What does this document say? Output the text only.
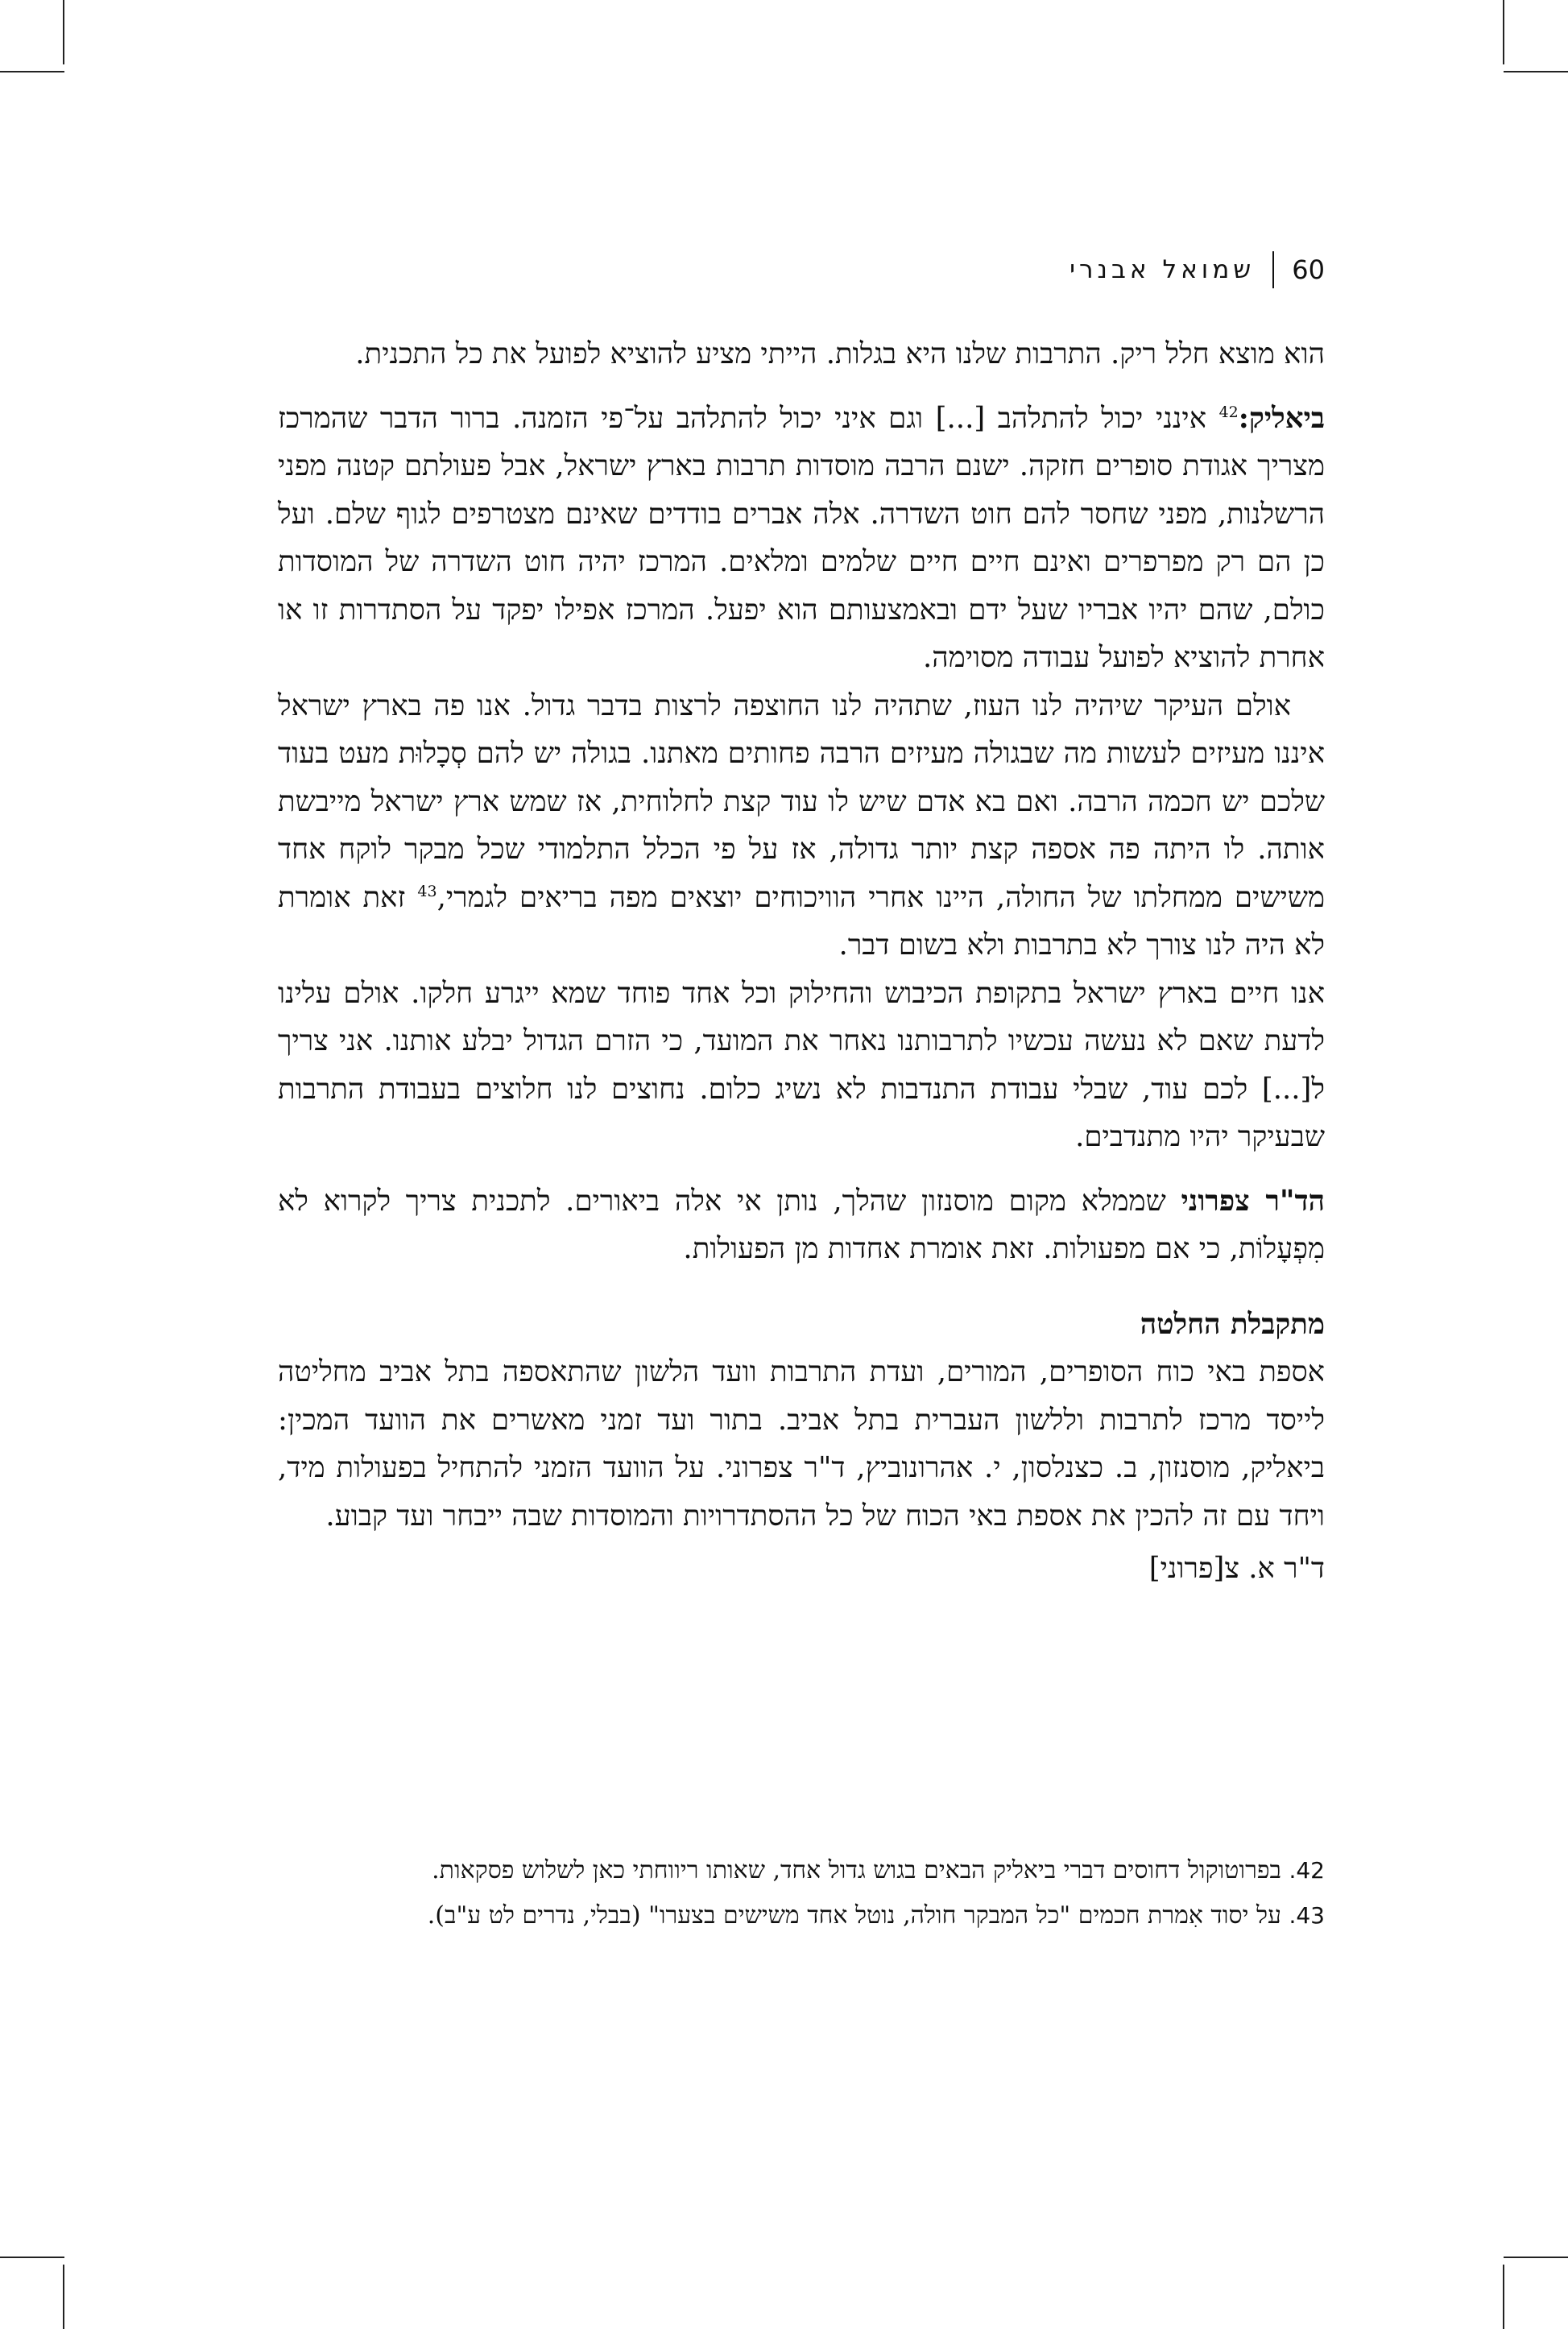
60
שמואל אבנרי

הוא מוצא חלל ריק. התרבות שלנו היא בגלות. הייתי מציע להוציא לפועל את כל התכנית.

ביאליק:$^{42}$ אינני יכול להתלהב [...] וגם איני יכול להתלהב על־פי הזמנה. ברור הדבר שהמרכז מצריך אגודת סופרים חזקה. ישנם הרבה מוסדות תרבות בארץ ישראל, אבל פעולתם קטנה מפני הרשלנות, מפני שחסר להם חוט השדרה. אלה אברים בודדים שאינם מצטרפים לגוף שלם. ועל כן הם רק מפרפרים ואינם חיים חיים שלמים ומלאים. המרכז יהיה חוט השדרה של המוסדות כולם, שהם יהיו אבריו שעל ידם ובאמצעותם הוא יפעל. המרכז אפילו יפקד על הסתדרות זו או אחרת להוציא לפועל עבודה מסוימה.

אולם העיקר שיהיה לנו העוז, שתהיה לנו החוצפה לרצות בדבר גדול. אנו פה בארץ ישראל איננו מעיזים לעשות מה שבגולה מעיזים הרבה פחותים מאתנו. בגולה יש להם סְכָלוּת מעט בעוד שלכם יש חכמה הרבה. ואם בא אדם שיש לו עוד קצת לחלוחית, אז שמש ארץ ישראל מייבשת אותה. לו היתה פה אספה קצת יותר גדולה, אז על פי הכלל התלמודי שכל מבקר לוקח אחד משישים ממחלתו של החולה, היינו אחרי הוויכוחים יוצאים מפה בריאים לגמרי,$^{43}$ זאת אומרת לא היה לנו צורך לא בתרבות ולא בשום דבר.

אנו חיים בארץ ישראל בתקופת הכיבוש והחילוק וכל אחד פוחד שמא ייגרע חלקו. אולם עלינו לדעת שאם לא נעשה עכשיו לתרבותנו נאחר את המועד, כי הזרם הגדול יבלע אותנו. אני צריך ל[...] לכם עוד, שבלי עבודת התנדבות לא נשיג כלום. נחוצים לנו חלוצים בעבודת התרבות שבעיקר יהיו מתנדבים.

הד"ר צפרוני שממלא מקום מוסנזון שהלך, נותן אי אלה ביאורים. לתכנית צריך לקרוא לא מִפְעָלוֹת, כי אם מפעולות. זאת אומרת אחדות מן הפעולות.

מתקבלת החלטה

אספת באי כוח הסופרים, המורים, ועדת התרבות וועד הלשון שהתאספה בתל אביב מחליטה לייסד מרכז לתרבות וללשון העברית בתל אביב. בתור ועד זמני מאשרים את הוועד המכין: ביאליק, מוסנזון, ב. כצנלסון, י. אהרונוביץ, ד"ר צפרוני. על הוועד הזמני להתחיל בפעולות מיד, ויחד עם זה להכין את אספת באי הכוח של כל ההסתדרויות והמוסדות שבה ייבחר ועד קבוע.

ד"ר א. צ[פרוני]

42.
בפרוטוקול דחוסים דברי ביאליק הבאים בגוש גדול אחד, שאותו ריווחתי כאן לשלוש פסקאות.
43.
על יסוד אִמרת חכמים "כל המבקר חולה, נוטל אחד משישים בצערו" (בבלי, נדרים לט ע"ב).
